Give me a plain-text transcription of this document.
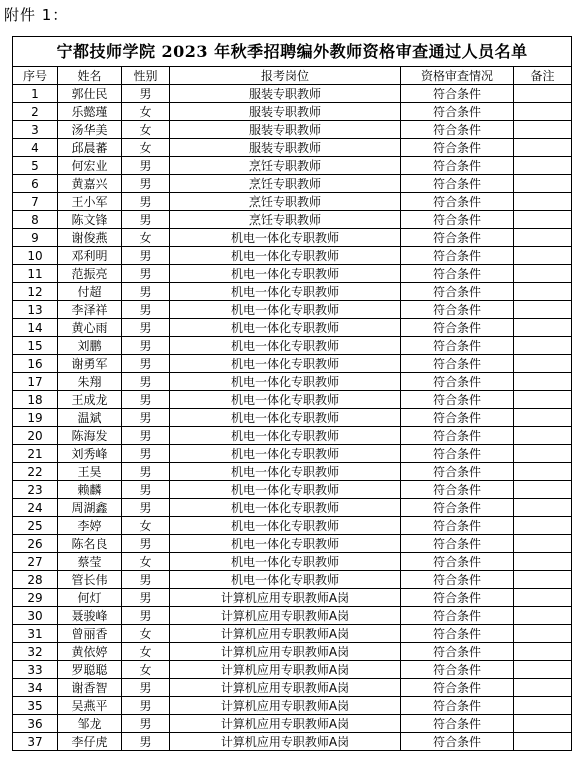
附件 1：
宁都技师学院 2023 年秋季招聘编外教师资格审查通过人员名单					
序号	姓名	性别	报考岗位	资格审查情况	备注
1	郭仕民	男	服装专职教师	符合条件	
2	乐懿瑾	女	服装专职教师	符合条件	
3	汤华美	女	服装专职教师	符合条件	
4	邱晨蕃	女	服装专职教师	符合条件	
5	何宏业	男	烹饪专职教师	符合条件	
6	黄嘉兴	男	烹饪专职教师	符合条件	
7	王小军	男	烹饪专职教师	符合条件	
8	陈文锋	男	烹饪专职教师	符合条件	
9	谢俊燕	女	机电一体化专职教师	符合条件	
10	邓利明	男	机电一体化专职教师	符合条件	
11	范振亮	男	机电一体化专职教师	符合条件	
12	付超	男	机电一体化专职教师	符合条件	
13	李泽祥	男	机电一体化专职教师	符合条件	
14	黄心雨	男	机电一体化专职教师	符合条件	
15	刘鹏	男	机电一体化专职教师	符合条件	
16	谢勇军	男	机电一体化专职教师	符合条件	
17	朱翔	男	机电一体化专职教师	符合条件	
18	王成龙	男	机电一体化专职教师	符合条件	
19	温斌	男	机电一体化专职教师	符合条件	
20	陈海发	男	机电一体化专职教师	符合条件	
21	刘秀峰	男	机电一体化专职教师	符合条件	
22	王昊	男	机电一体化专职教师	符合条件	
23	赖麟	男	机电一体化专职教师	符合条件	
24	周湖鑫	男	机电一体化专职教师	符合条件	
25	李婷	女	机电一体化专职教师	符合条件	
26	陈名良	男	机电一体化专职教师	符合条件	
27	蔡莹	女	机电一体化专职教师	符合条件	
28	管长伟	男	机电一体化专职教师	符合条件	
29	何灯	男	计算机应用专职教师A岗	符合条件	
30	聂骏峰	男	计算机应用专职教师A岗	符合条件	
31	曾丽香	女	计算机应用专职教师A岗	符合条件	
32	黄依婷	女	计算机应用专职教师A岗	符合条件	
33	罗聪聪	女	计算机应用专职教师A岗	符合条件	
34	谢香智	男	计算机应用专职教师A岗	符合条件	
35	吴燕平	男	计算机应用专职教师A岗	符合条件	
36	邹龙	男	计算机应用专职教师A岗	符合条件	
37	李仔虎	男	计算机应用专职教师A岗	符合条件	
